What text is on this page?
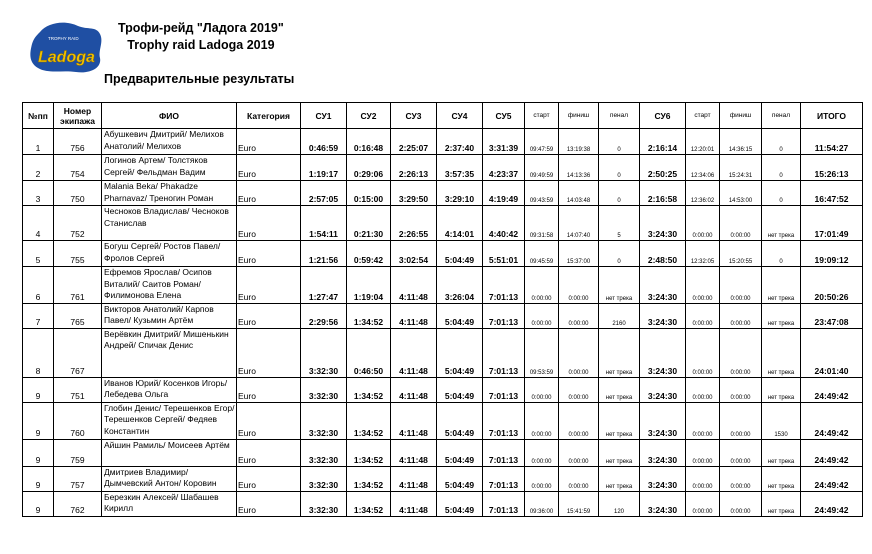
TROPHY RAID
Ladoga
Трофи-рейд "Ладога 2019"
Trophy raid Ladoga 2019
Предварительные результаты
№пп	Номер экипажа	ФИО	Категория	СУ1	СУ2	СУ3	СУ4	СУ5	старт	финиш	пенал	СУ6	старт	финиш	пенал	ИТОГО
1	756	Абушкевич Дмитрий/ Мелихов Анатолий/ Мелихов	Euro	0:46:59	0:16:48	2:25:07	2:37:40	3:31:39	09:47:59	13:19:38	0	2:16:14	12:20:01	14:36:15	0	11:54:27
2	754	Логинов Артем/ Толстяков Сергей/ Фельдман Вадим	Euro	1:19:17	0:29:06	2:26:13	3:57:35	4:23:37	09:49:59	14:13:36	0	2:50:25	12:34:06	15:24:31	0	15:26:13
3	750	Malania Beka/ Phakadze Pharnavaz/ Треногин Роман	Euro	2:57:05	0:15:00	3:29:50	3:29:10	4:19:49	09:43:59	14:03:48	0	2:16:58	12:36:02	14:53:00	0	16:47:52
4	752	Чесноков Владислав/ Чесноков Станислав	Euro	1:54:11	0:21:30	2:26:55	4:14:01	4:40:42	09:31:58	14:07:40	5	3:24:30	0:00:00	0:00:00	нет трека	17:01:49
5	755	Богуш Сергей/ Ростов Павел/ Фролов Сергей	Euro	1:21:56	0:59:42	3:02:54	5:04:49	5:51:01	09:45:59	15:37:00	0	2:48:50	12:32:05	15:20:55	0	19:09:12
6	761	Ефремов Ярослав/ Осипов Виталий/ Саитов Роман/ Филимонова Елена	Euro	1:27:47	1:19:04	4:11:48	3:26:04	7:01:13	0:00:00	0:00:00	нет трека	3:24:30	0:00:00	0:00:00	нет трека	20:50:26
7	765	Викторов Анатолий/ Карпов Павел/ Кузьмин Артём	Euro	2:29:56	1:34:52	4:11:48	5:04:49	7:01:13	0:00:00	0:00:00	2160	3:24:30	0:00:00	0:00:00	нет трека	23:47:08
8	767	Верёвкин Дмитрий/ Мишенькин Андрей/ Спичак Денис	Euro	3:32:30	0:46:50	4:11:48	5:04:49	7:01:13	09:53:59	0:00:00	нет трека	3:24:30	0:00:00	0:00:00	нет трека	24:01:40
9	751	Иванов Юрий/ Косенков Игорь/ Лебедева Ольга	Euro	3:32:30	1:34:52	4:11:48	5:04:49	7:01:13	0:00:00	0:00:00	нет трека	3:24:30	0:00:00	0:00:00	нет трека	24:49:42
9	760	Глобин Денис/ Терешенков Егор/ Терешенков Сергей/ Федяев Константин	Euro	3:32:30	1:34:52	4:11:48	5:04:49	7:01:13	0:00:00	0:00:00	нет трека	3:24:30	0:00:00	0:00:00	1530	24:49:42
9	759	Айшин Рамиль/ Моисеев Артём	Euro	3:32:30	1:34:52	4:11:48	5:04:49	7:01:13	0:00:00	0:00:00	нет трека	3:24:30	0:00:00	0:00:00	нет трека	24:49:42
9	757	Дмитриев Владимир/ Дымчевский Антон/ Коровин	Euro	3:32:30	1:34:52	4:11:48	5:04:49	7:01:13	0:00:00	0:00:00	нет трека	3:24:30	0:00:00	0:00:00	нет трека	24:49:42
9	762	Березкин Алексей/ Шабашев Кирилл	Euro	3:32:30	1:34:52	4:11:48	5:04:49	7:01:13	09:36:00	15:41:59	120	3:24:30	0:00:00	0:00:00	нет трека	24:49:42
